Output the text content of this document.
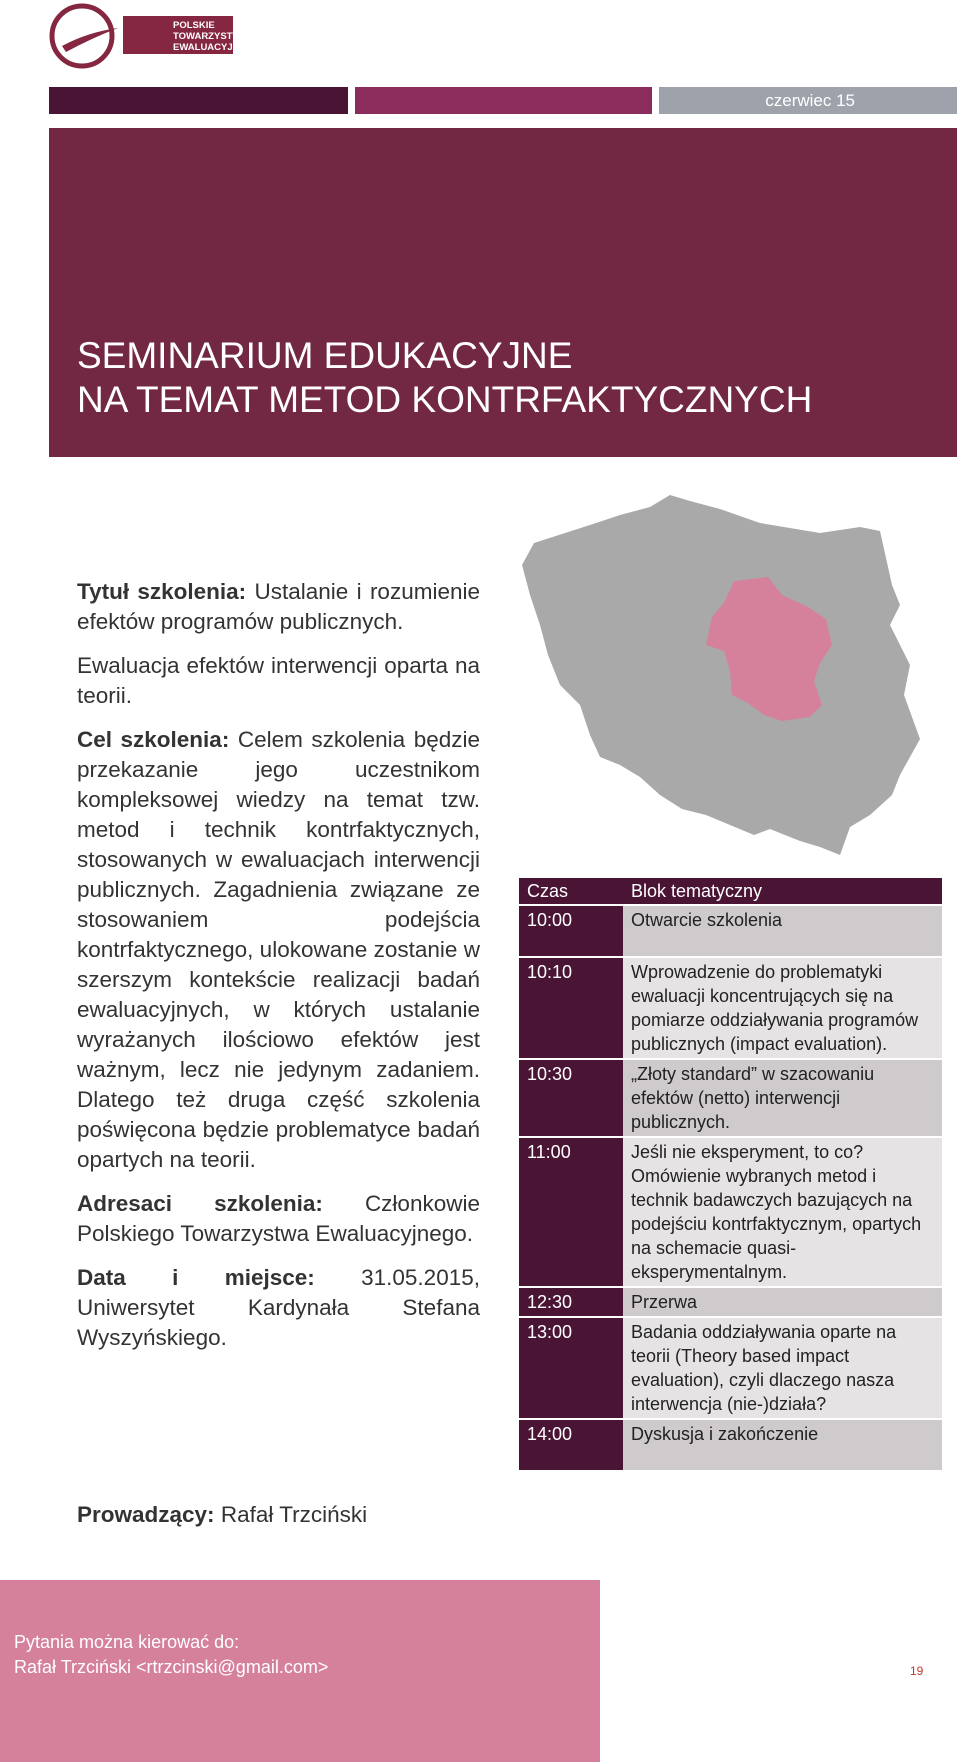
POLSKIE
TOWARZYSTWO
EWALUACYJNE
czerwiec 15
SEMINARIUM EDUKACYJNE
NA TEMAT METOD KONTRFAKTYCZNYCH

Tytuł szkolenia: Ustalanie i rozumienie efektów programów publicznych.

Ewaluacja efektów interwencji oparta na teorii.

Cel szkolenia: Celem szkolenia będzie przekazanie jego uczestnikom kompleksowej wiedzy na temat tzw. metod i technik kontrfaktycznych, stosowanych w ewaluacjach interwencji publicznych. Zagadnienia związane ze stosowaniem podejścia kontrfaktycznego, ulokowane zostanie w szerszym kontekście realizacji badań ewaluacyjnych, w których ustalanie wyrażanych ilościowo efektów jest ważnym, lecz nie jedynym zadaniem. Dlatego też druga część szkolenia poświęcona będzie problematyce badań opartych na teorii.

Adresaci szkolenia: Członkowie Polskiego Towarzystwa Ewaluacyjnego.

Data i miejsce: 31.05.2015, Uniwersytet Kardynała Stefana Wyszyńskiego.

Prowadzący: Rafał Trzciński
Czas	Blok tematyczny
10:00	Otwarcie szkolenia
10:10	Wprowadzenie do problematyki ewaluacji koncentrujących się na pomiarze oddziaływania programów publicznych (impact evaluation).
10:30	„Złoty standard” w szacowaniu efektów (netto) interwencji publicznych.
11:00	Jeśli nie eksperyment, to co? Omówienie wybranych metod i technik badawczych bazujących na podejściu kontrfaktycznym, opartych na schemacie quasi-eksperymentalnym.
12:30	Przerwa
13:00	Badania oddziaływania oparte na teorii (Theory based impact evaluation), czyli dlaczego nasza interwencja (nie-)działa?
14:00	Dyskusja i zakończenie
Pytania można kierować do:
Rafał Trzciński <rtrzcinski@gmail.com>	19
